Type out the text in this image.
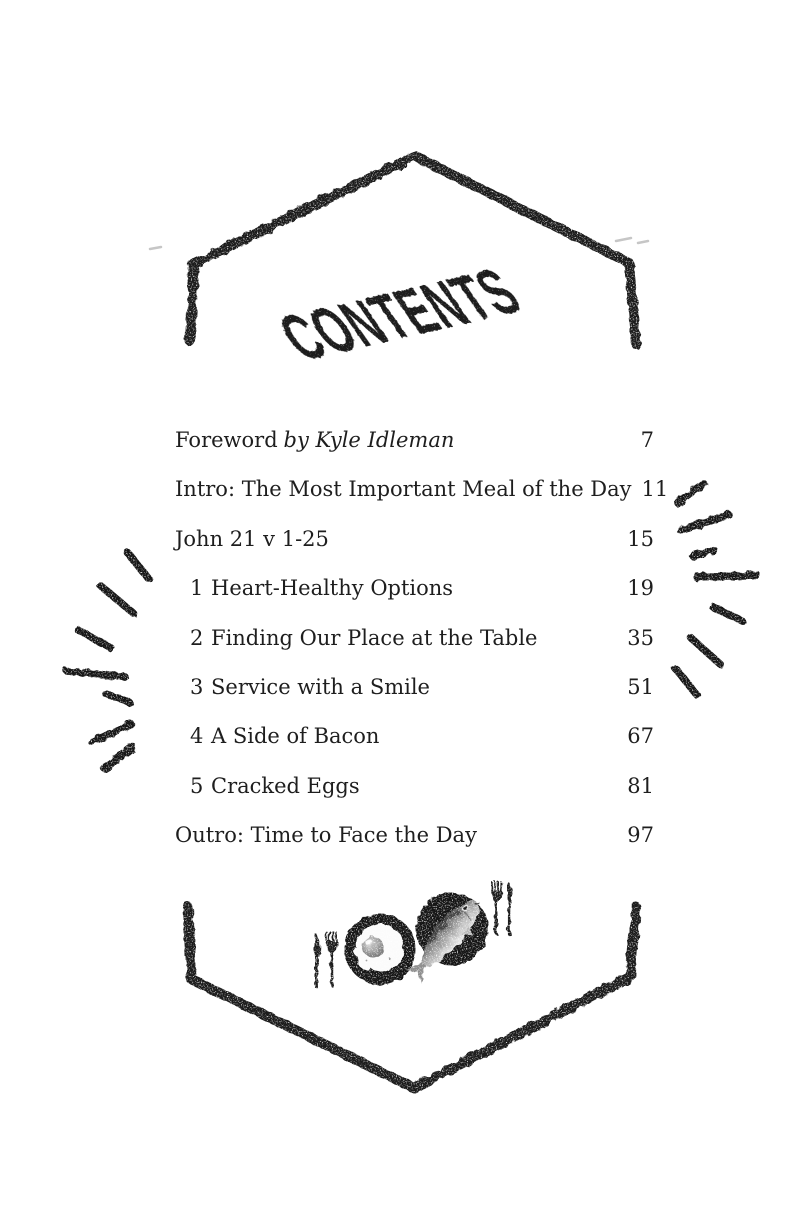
CONTENTS
Foreword by Kyle Idleman	7
Intro: The Most Important Meal of the Day 11
John 21 v 1-25	15
1 Heart-Healthy Options	19
2 Finding Our Place at the Table	35
3 Service with a Smile	51
4 A Side of Bacon	67
5 Cracked Eggs	81
Outro: Time to Face the Day	97
